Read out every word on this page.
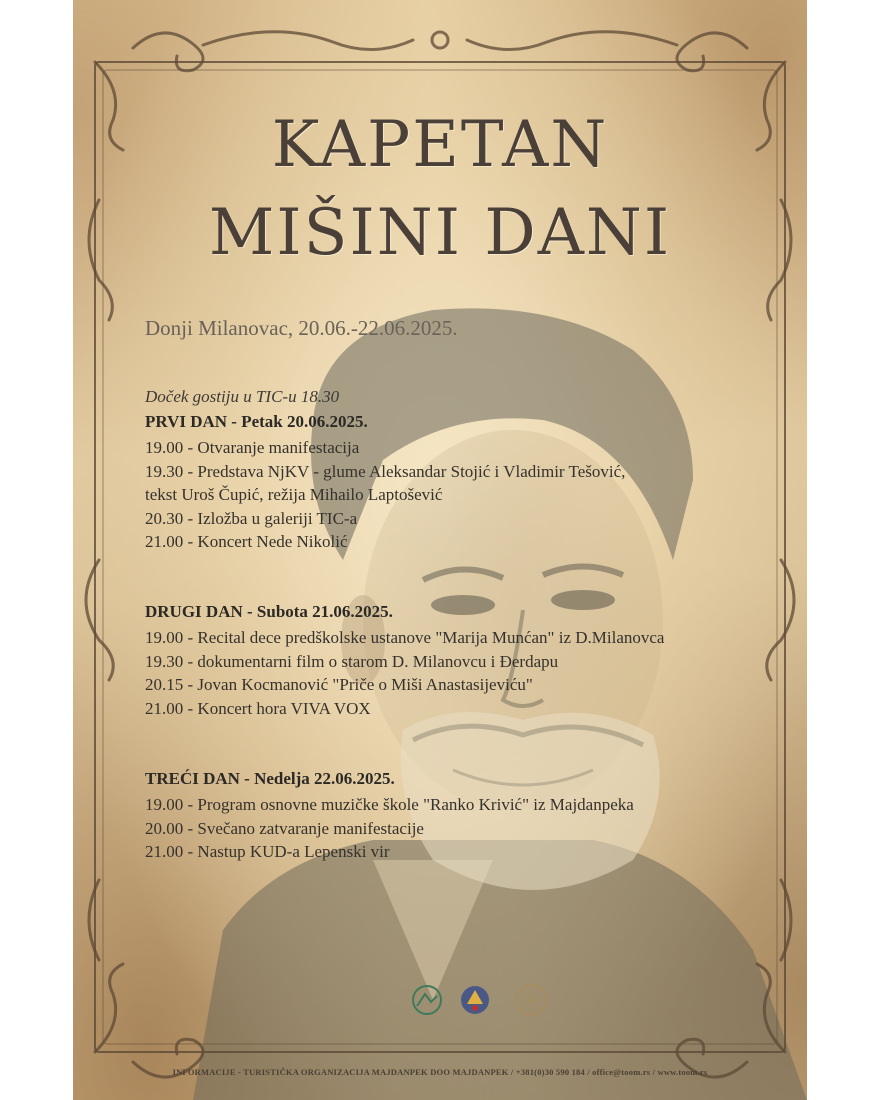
KAPETAN
MIŠINI DANI
Donji Milanovac, 20.06.-22.06.2025.
Doček gostiju u TIC-u 18.30
PRVI DAN - Petak 20.06.2025.
19.00 - Otvaranje manifestacija
19.30 - Predstava NjKV - glume Aleksandar Stojić i Vladimir Tešović,
tekst Uroš Čupić, režija Mihailo Laptošević
20.30 - Izložba u galeriji TIC-a
21.00 - Koncert Nede Nikolić
DRUGI DAN - Subota 21.06.2025.
19.00 - Recital dece predškolske ustanove "Marija Munćan" iz D.Milanovca
19.30 - dokumentarni film o starom D. Milanovcu i Đerdapu
20.15 - Jovan Kocmanović "Priče o Miši Anastasijeviću"
21.00 - Koncert hora VIVA VOX
TREĆI DAN - Nedelja 22.06.2025.
19.00 - Program osnovne muzičke škole "Ranko Krivić" iz Majdanpeka
20.00 - Svečano zatvaranje manifestacije
21.00 - Nastup KUD-a Lepenski vir
INFORMACIJE - TURISTIČKA ORGANIZACIJA MAJDANPEK DOO MAJDANPEK / +381(0)30 590 184 / office@toom.rs / www.toom.rs
